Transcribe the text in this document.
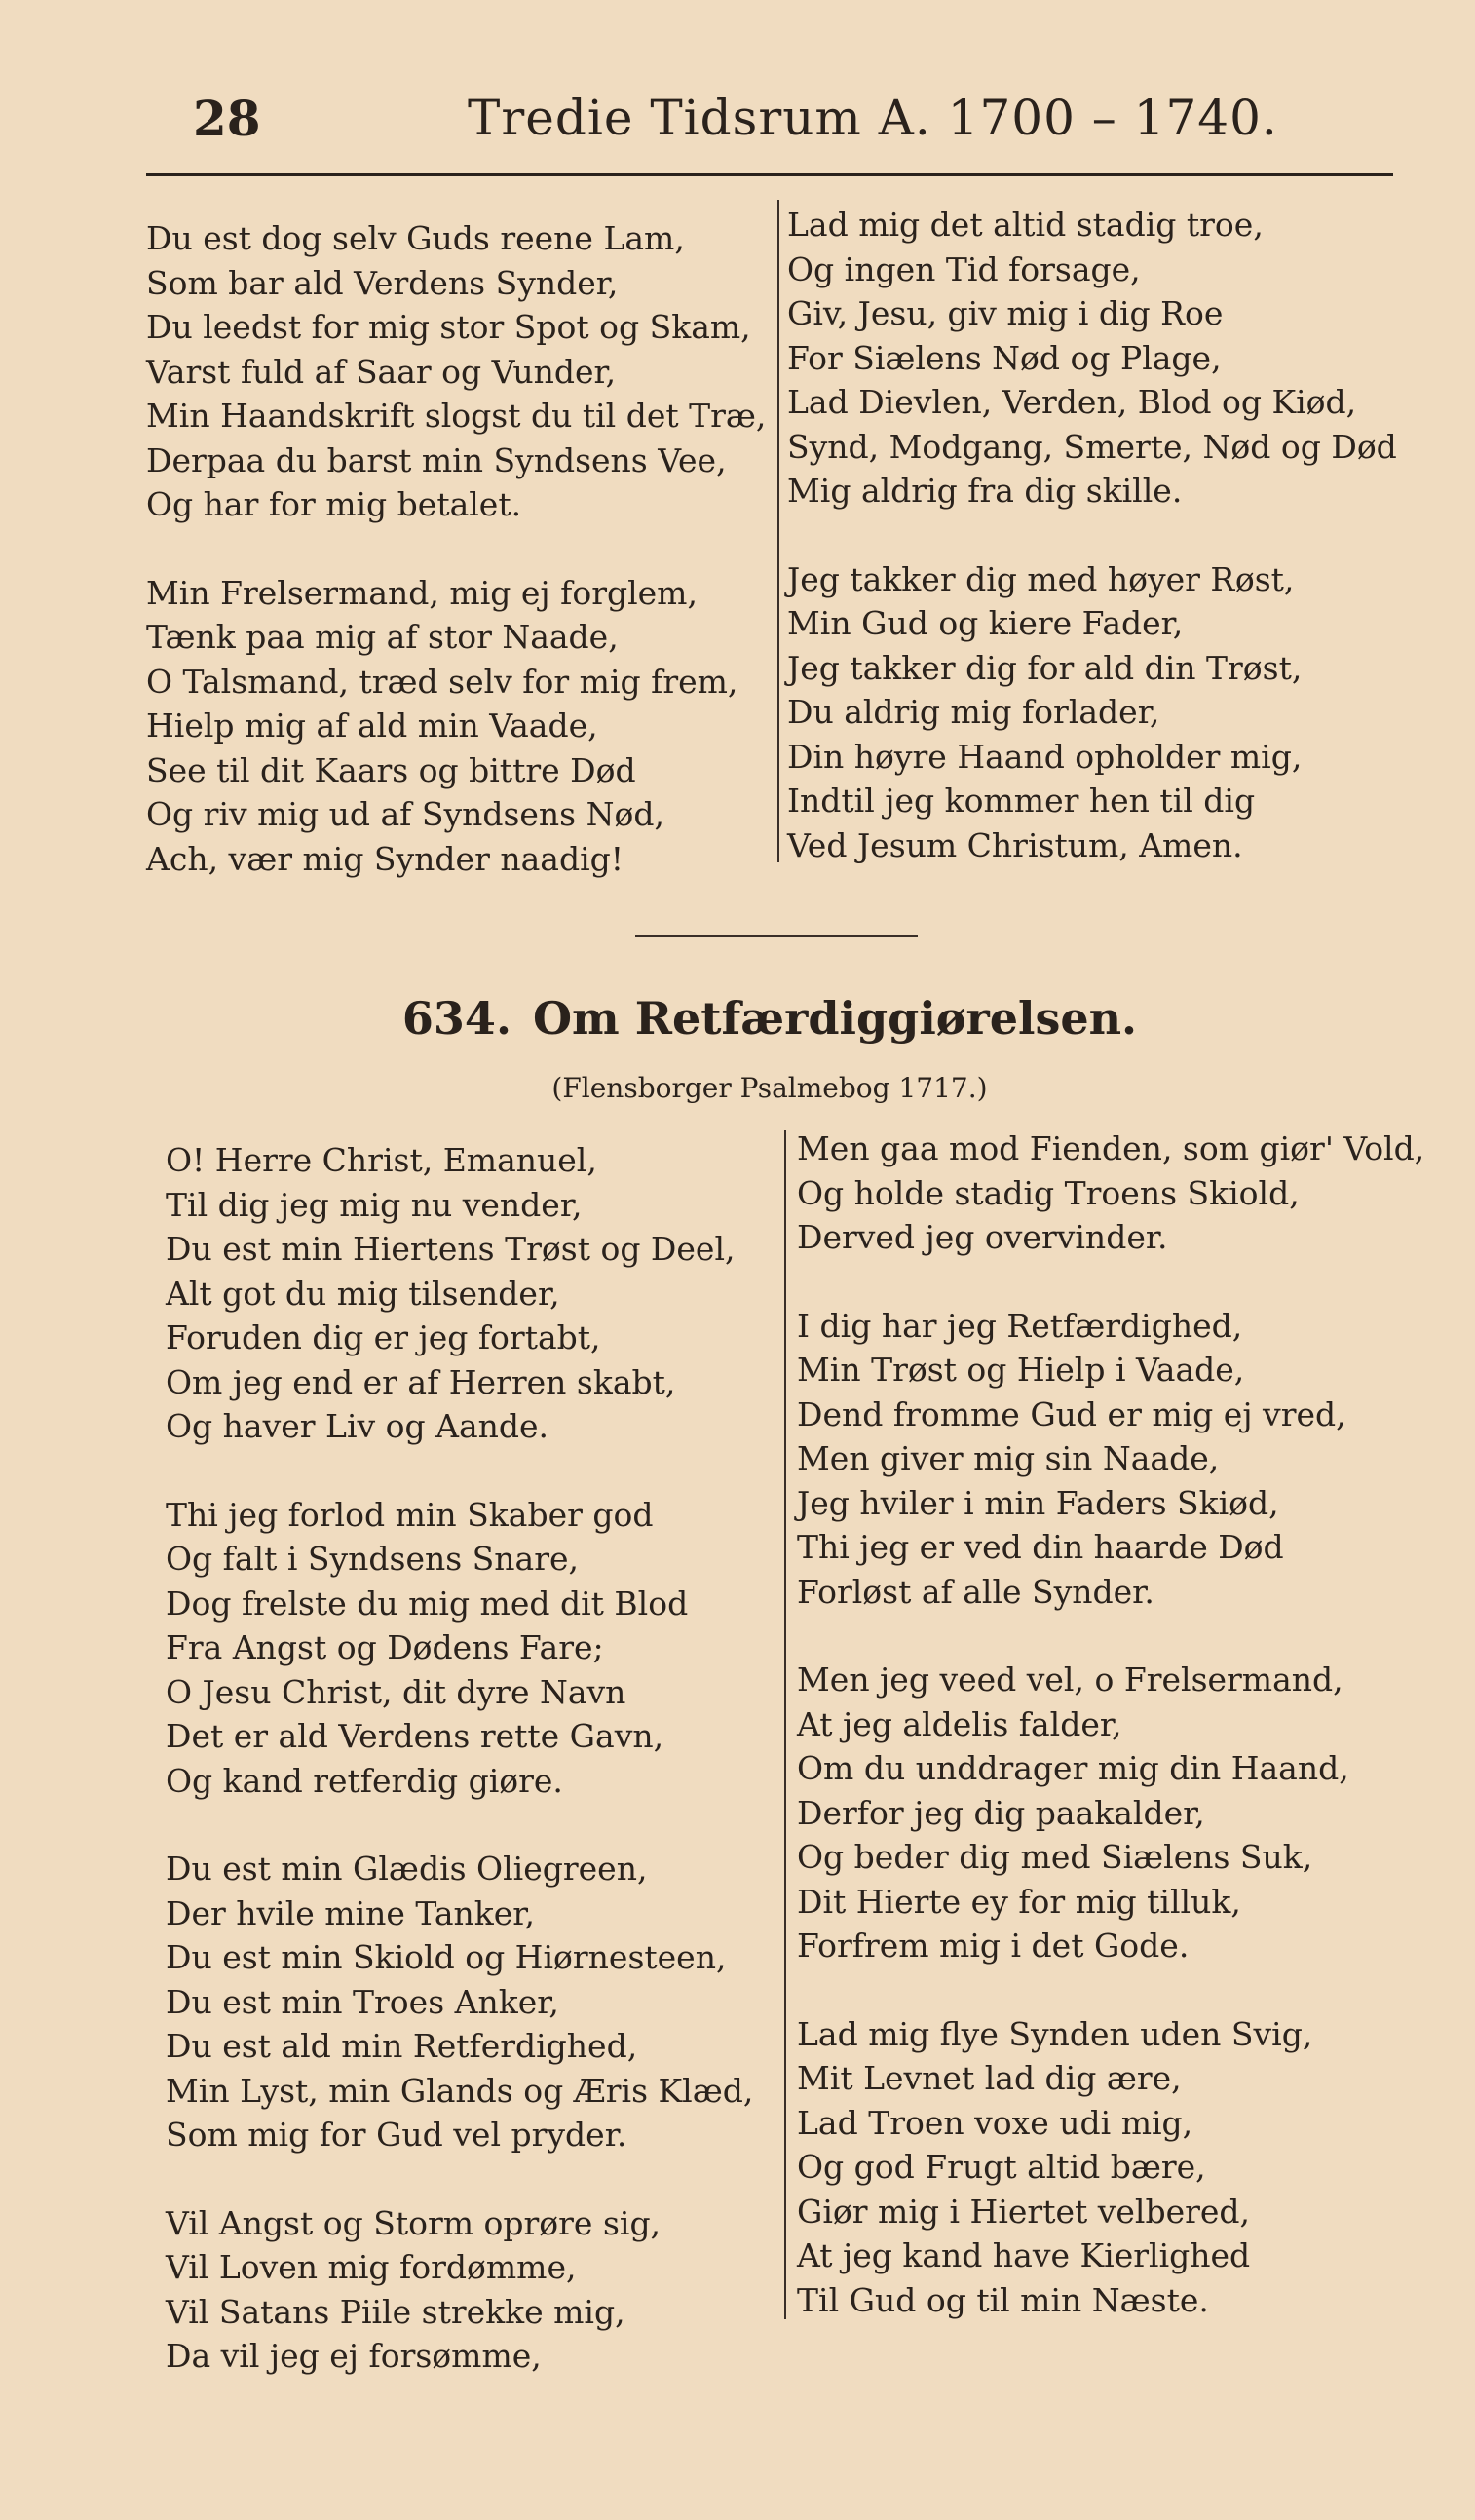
28	Tredie Tidsrum A. 1700 – 1740.
Du est dog selv Guds reene Lam,
Som bar ald Verdens Synder,
Du leedst for mig stor Spot og Skam,
Varst fuld af Saar og Vunder,
Min Haandskrift slogst du til det Træ,
Derpaa du barst min Syndsens Vee,
Og har for mig betalet.
Min Frelsermand, mig ej forglem,
Tænk paa mig af stor Naade,
O Talsmand, træd selv for mig frem,
Hielp mig af ald min Vaade,
See til dit Kaars og bittre Død
Og riv mig ud af Syndsens Nød,
Ach, vær mig Synder naadig!
Lad mig det altid stadig troe,
Og ingen Tid forsage,
Giv, Jesu, giv mig i dig Roe
For Siælens Nød og Plage,
Lad Dievlen, Verden, Blod og Kiød,
Synd, Modgang, Smerte, Nød og Død
Mig aldrig fra dig skille.
Jeg takker dig med høyer Røst,
Min Gud og kiere Fader,
Jeg takker dig for ald din Trøst,
Du aldrig mig forlader,
Din høyre Haand opholder mig,
Indtil jeg kommer hen til dig
Ved Jesum Christum, Amen.
634. Om Retfærdiggiørelsen.
(Flensborger Psalmebog 1717.)
O! Herre Christ, Emanuel,
Til dig jeg mig nu vender,
Du est min Hiertens Trøst og Deel,
Alt got du mig tilsender,
Foruden dig er jeg fortabt,
Om jeg end er af Herren skabt,
Og haver Liv og Aande.
Thi jeg forlod min Skaber god
Og falt i Syndsens Snare,
Dog frelste du mig med dit Blod
Fra Angst og Dødens Fare;
O Jesu Christ, dit dyre Navn
Det er ald Verdens rette Gavn,
Og kand retferdig giøre.
Du est min Glædis Oliegreen,
Der hvile mine Tanker,
Du est min Skiold og Hiørnesteen,
Du est min Troes Anker,
Du est ald min Retferdighed,
Min Lyst, min Glands og Æris Klæd,
Som mig for Gud vel pryder.
Vil Angst og Storm oprøre sig,
Vil Loven mig fordømme,
Vil Satans Piile strekke mig,
Da vil jeg ej forsømme,
Men gaa mod Fienden, som giør' Vold,
Og holde stadig Troens Skiold,
Derved jeg overvinder.
I dig har jeg Retfærdighed,
Min Trøst og Hielp i Vaade,
Dend fromme Gud er mig ej vred,
Men giver mig sin Naade,
Jeg hviler i min Faders Skiød,
Thi jeg er ved din haarde Død
Forløst af alle Synder.
Men jeg veed vel, o Frelsermand,
At jeg aldelis falder,
Om du unddrager mig din Haand,
Derfor jeg dig paakalder,
Og beder dig med Siælens Suk,
Dit Hierte ey for mig tilluk,
Forfrem mig i det Gode.
Lad mig flye Synden uden Svig,
Mit Levnet lad dig ære,
Lad Troen voxe udi mig,
Og god Frugt altid bære,
Giør mig i Hiertet velbered,
At jeg kand have Kierlighed
Til Gud og til min Næste.
